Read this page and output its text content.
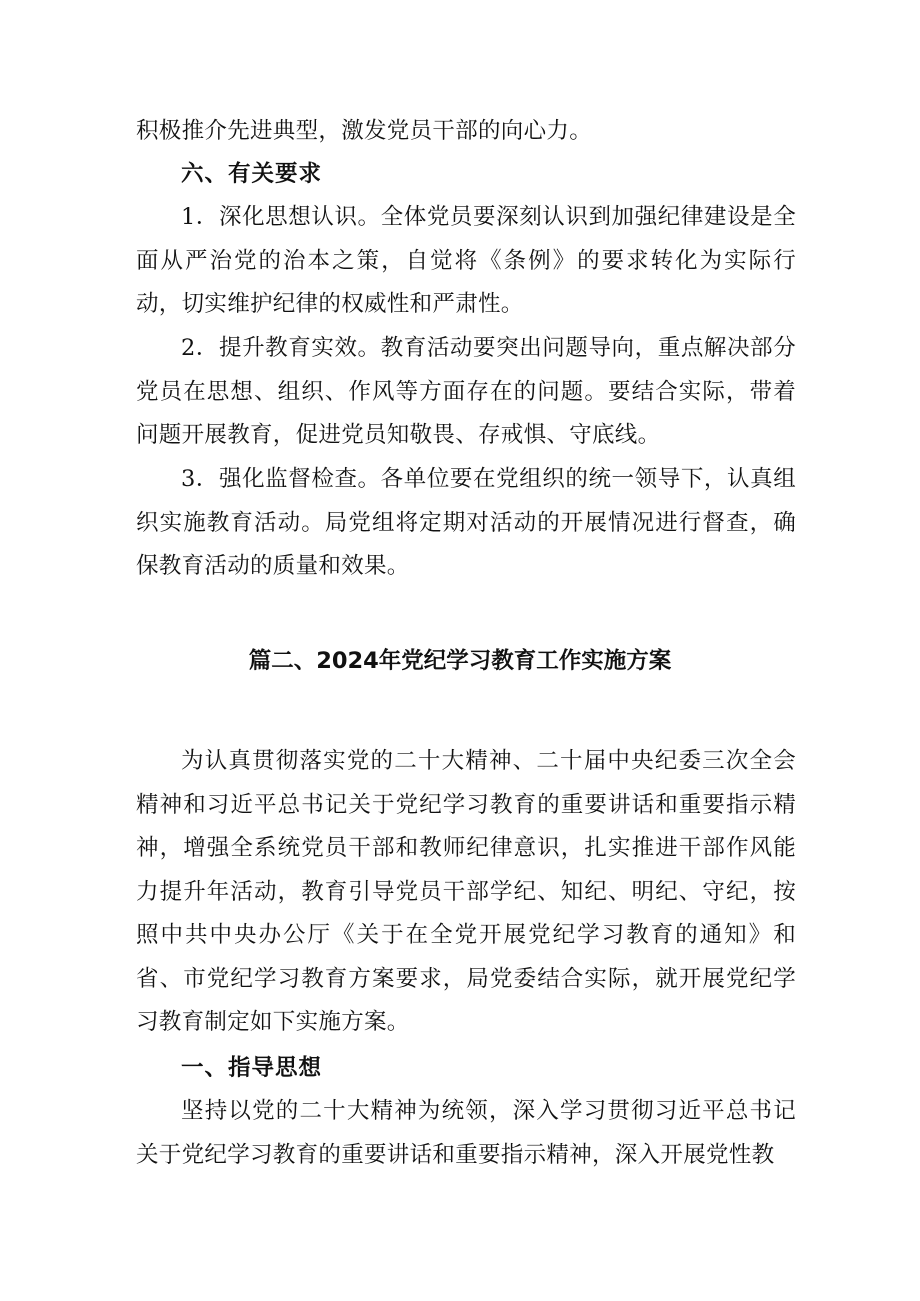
积极推介先进典型，激发党员干部的向心力。

六、有关要求

1．深化思想认识。全体党员要深刻认识到加强纪律建设是全面从严治党的治本之策，自觉将《条例》的要求转化为实际行动，切实维护纪律的权威性和严肃性。

2．提升教育实效。教育活动要突出问题导向，重点解决部分党员在思想、组织、作风等方面存在的问题。要结合实际，带着问题开展教育，促进党员知敬畏、存戒惧、守底线。

3．强化监督检查。各单位要在党组织的统一领导下，认真组织实施教育活动。局党组将定期对活动的开展情况进行督查，确保教育活动的质量和效果。

篇二、2024年党纪学习教育工作实施方案

为认真贯彻落实党的二十大精神、二十届中央纪委三次全会精神和习近平总书记关于党纪学习教育的重要讲话和重要指示精神，增强全系统党员干部和教师纪律意识，扎实推进干部作风能力提升年活动，教育引导党员干部学纪、知纪、明纪、守纪，按照中共中央办公厅《关于在全党开展党纪学习教育的通知》和省、市党纪学习教育方案要求，局党委结合实际，就开展党纪学习教育制定如下实施方案。

一、指导思想

坚持以党的二十大精神为统领，深入学习贯彻习近平总书记关于党纪学习教育的重要讲话和重要指示精神，深入开展党性教
